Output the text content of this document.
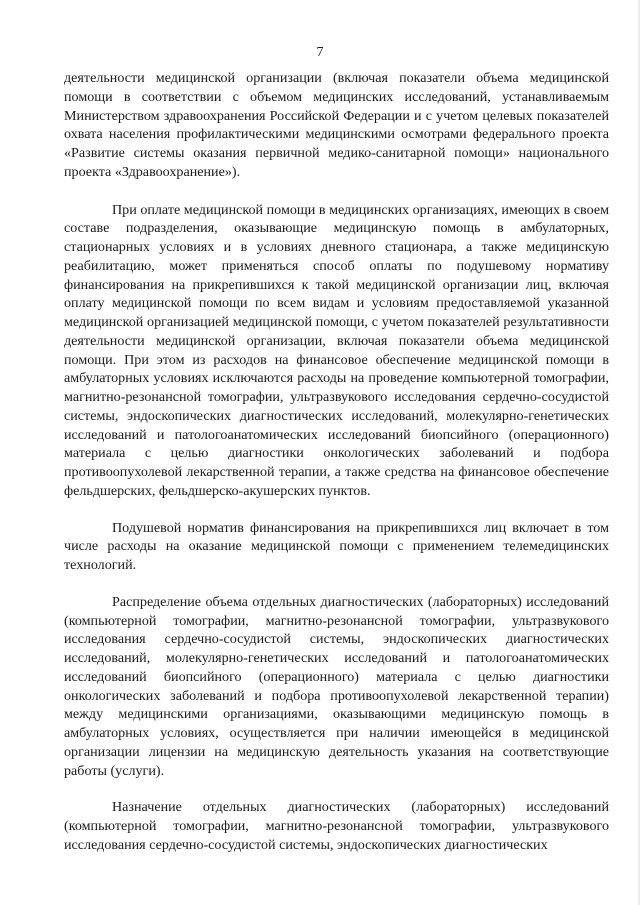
7

деятельности медицинской организации (включая показатели объема медицинской помощи в соответствии с объемом медицинских исследований, устанавливаемым Министерством здравоохранения Российской Федерации и с учетом целевых показателей охвата населения профилактическими медицинскими осмотрами федерального проекта «Развитие системы оказания первичной медико-санитарной помощи» национального проекта «Здравоохранение»).

При оплате медицинской помощи в медицинских организациях, имеющих в своем составе подразделения, оказывающие медицинскую помощь в амбулаторных, стационарных условиях и в условиях дневного стационара, а также медицинскую реабилитацию, может применяться способ оплаты по подушевому нормативу финансирования на прикрепившихся к такой медицинской организации лиц, включая оплату медицинской помощи по всем видам и условиям предоставляемой указанной медицинской организацией медицинской помощи, с учетом показателей результативности деятельности медицинской организации, включая показатели объема медицинской помощи. При этом из расходов на финансовое обеспечение медицинской помощи в амбулаторных условиях исключаются расходы на проведение компьютерной томографии, магнитно-резонансной томографии, ультразвукового исследования сердечно-сосудистой системы, эндоскопических диагностических исследований, молекулярно-генетических исследований и патологоанатомических исследований биопсийного (операционного) материала с целью диагностики онкологических заболеваний и подбора противоопухолевой лекарственной терапии, а также средства на финансовое обеспечение фельдшерских, фельдшерско-акушерских пунктов.

Подушевой норматив финансирования на прикрепившихся лиц включает в том числе расходы на оказание медицинской помощи с применением телемедицинских технологий.

Распределение объема отдельных диагностических (лабораторных) исследований (компьютерной томографии, магнитно-резонансной томографии, ультразвукового исследования сердечно-сосудистой системы, эндоскопических диагностических исследований, молекулярно-генетических исследований и патологоанатомических исследований биопсийного (операционного) материала с целью диагностики онкологических заболеваний и подбора противоопухолевой лекарственной терапии) между медицинскими организациями, оказывающими медицинскую помощь в амбулаторных условиях, осуществляется при наличии имеющейся в медицинской организации лицензии на медицинскую деятельность указания на соответствующие работы (услуги).

Назначение отдельных диагностических (лабораторных) исследований (компьютерной томографии, магнитно-резонансной томографии, ультразвукового исследования сердечно-сосудистой системы, эндоскопических диагностических
